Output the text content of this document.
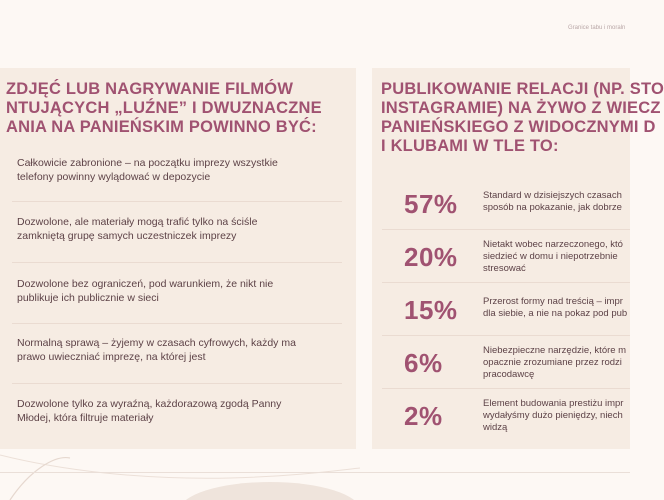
Granice tabu i moraln
ZDJĘĆ LUB NAGRYWANIE FILMÓW
NTUJĄCYCH „LUŹNE” I DWUZNACZNE
ANIA NA PANIEŃSKIM POWINNO BYĆ:
Całkowicie zabronione – na początku imprezy wszystkie
telefony powinny wylądować w depozycie
Dozwolone, ale materiały mogą trafić tylko na ściśle
zamkniętą grupę samych uczestniczek imprezy
Dozwolone bez ograniczeń, pod warunkiem, że nikt nie
publikuje ich publicznie w sieci
Normalną sprawą – żyjemy w czasach cyfrowych, każdy ma
prawo uwieczniać imprezę, na której jest
Dozwolone tylko za wyraźną, każdorazową zgodą Panny
Młodej, która filtruje materiały
PUBLIKOWANIE RELACJI (NP. STO
INSTAGRAMIE) NA ŻYWO Z WIECZ
PANIEŃSKIEGO Z WIDOCZNYMI D
I KLUBAMI W TLE TO:
57%	Standard w dzisiejszych czasach
sposób na pokazanie, jak dobrze
20%	Nietakt wobec narzeczonego, któ
siedzieć w domu i niepotrzebnie
stresować
15%	Przerost formy nad treścią – impr
dla siebie, a nie na pokaz pod pub
6%	Niebezpieczne narzędzie, które m
opacznie zrozumiane przez rodzi
pracodawcę
2%	Element budowania prestiżu impr
wydałyśmy dużo pieniędzy, niech
widzą
